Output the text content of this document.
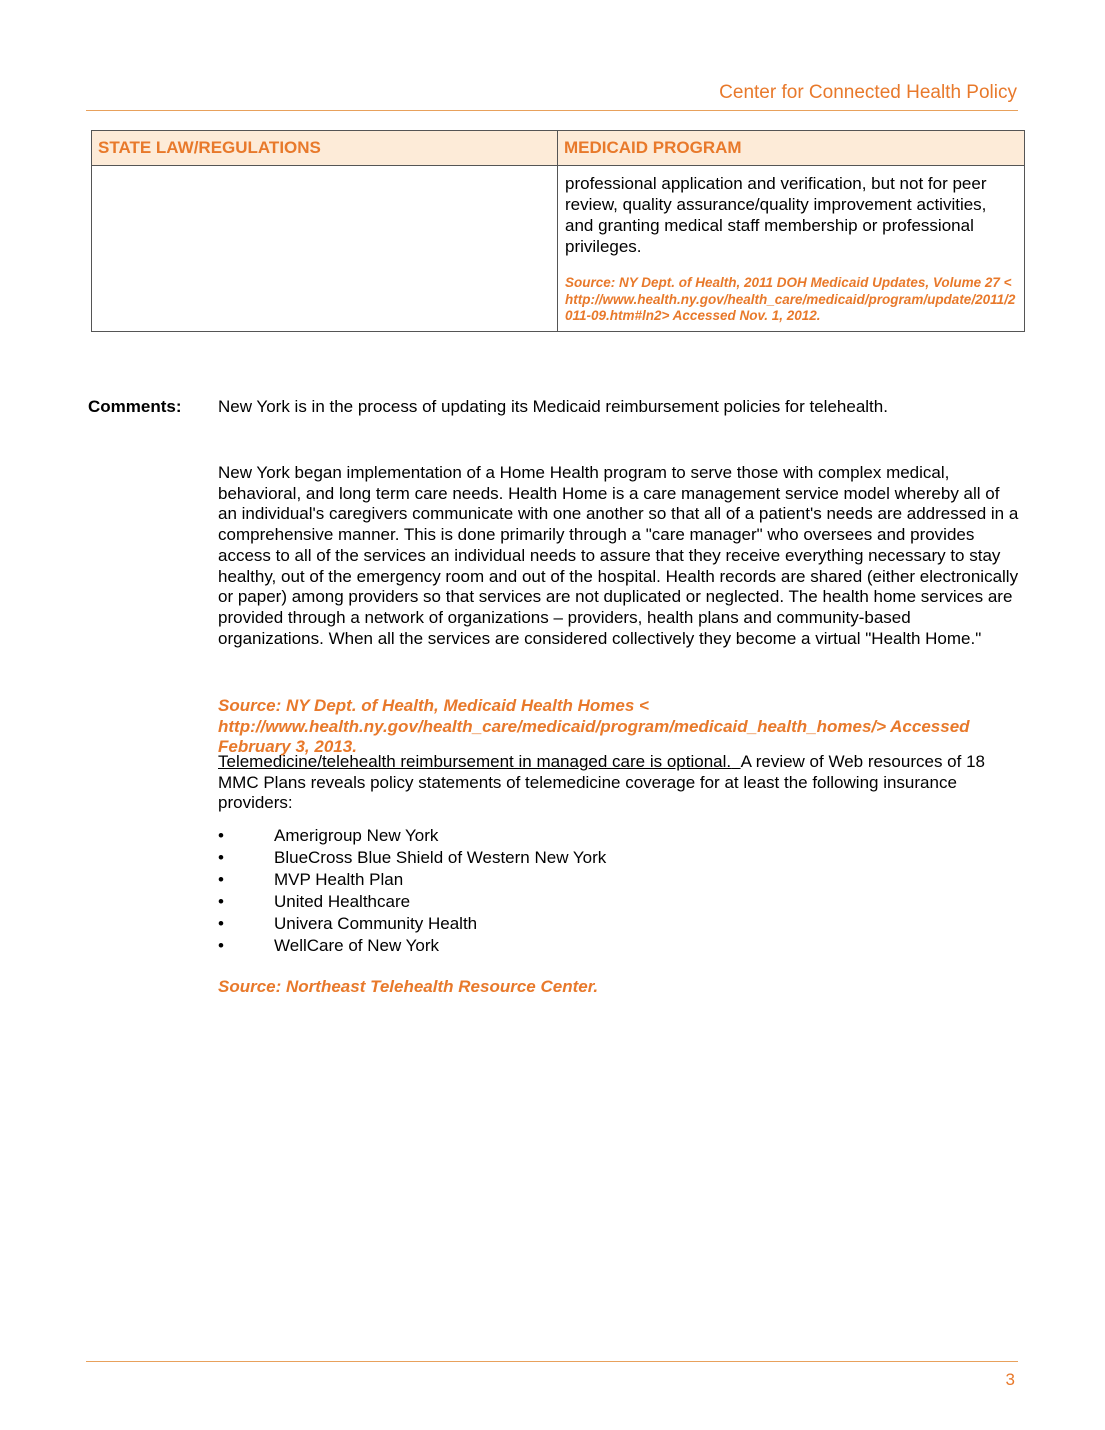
Center for Connected Health Policy
STATE LAW/REGULATIONS	MEDICAID PROGRAM

	professional application and verification, but not for peer review, quality assurance/quality improvement activities, and granting medical staff membership or professional privileges.
Source: NY Dept. of Health, 2011 DOH Medicaid Updates, Volume 27 <http://www.health.ny.gov/health_care/medicaid/program/update/2011/2011-09.htm#ln2> Accessed Nov. 1, 2012.
Comments: New York is in the process of updating its Medicaid reimbursement policies for telehealth.
New York began implementation of a Home Health program to serve those with complex medical, behavioral, and long term care needs. Health Home is a care management service model whereby all of an individual's caregivers communicate with one another so that all of a patient's needs are addressed in a comprehensive manner. This is done primarily through a "care manager" who oversees and provides access to all of the services an individual needs to assure that they receive everything necessary to stay healthy, out of the emergency room and out of the hospital. Health records are shared (either electronically or paper) among providers so that services are not duplicated or neglected. The health home services are provided through a network of organizations – providers, health plans and community-based organizations. When all the services are considered collectively they become a virtual "Health Home."
Source: NY Dept. of Health, Medicaid Health Homes <
http://www.health.ny.gov/health_care/medicaid/program/medicaid_health_homes/> Accessed February 3, 2013.
Telemedicine/telehealth reimbursement in managed care is optional. A review of Web resources of 18 MMC Plans reveals policy statements of telemedicine coverage for at least the following insurance providers:
•	Amerigroup New York
•	BlueCross Blue Shield of Western New York
•	MVP Health Plan
•	United Healthcare
•	Univera Community Health
•	WellCare of New York
Source: Northeast Telehealth Resource Center.
3
